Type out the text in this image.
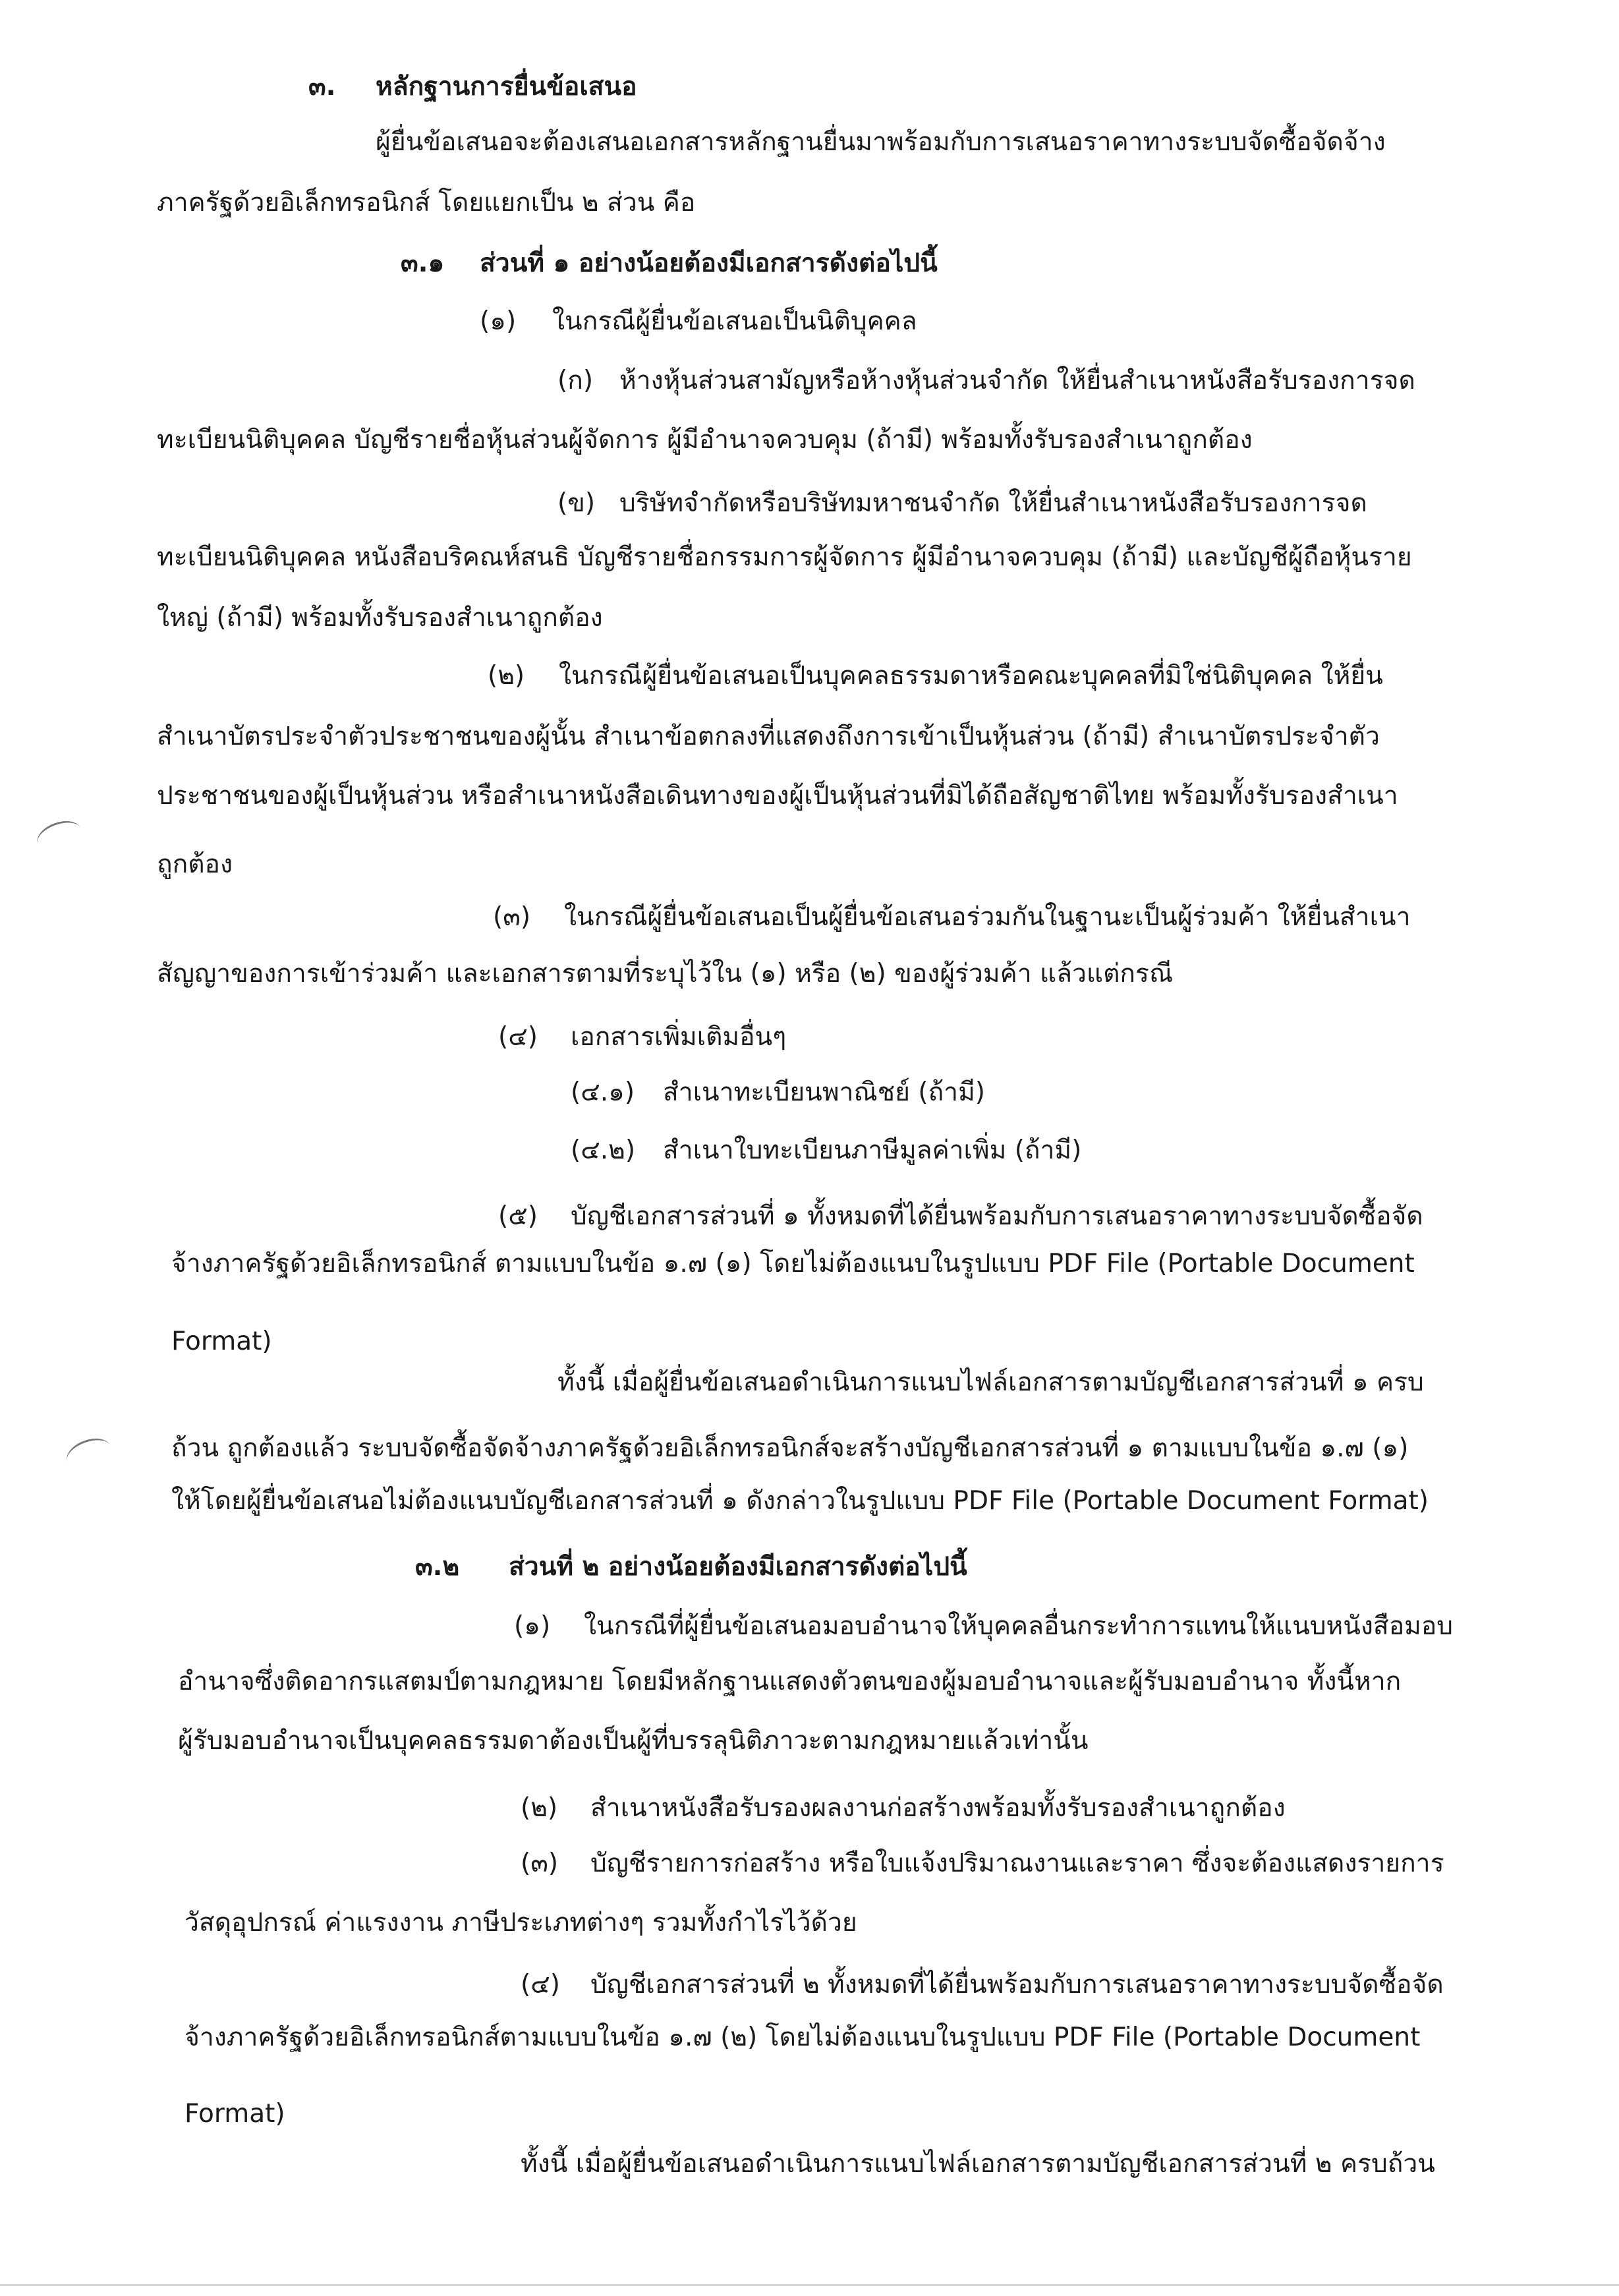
๓. หลักฐานการยื่นข้อเสนอ
ผู้ยื่นข้อเสนอจะต้องเสนอเอกสารหลักฐานยื่นมาพร้อมกับการเสนอราคาทางระบบจัดซื้อจัดจ้าง
ภาครัฐด้วยอิเล็กทรอนิกส์ โดยแยกเป็น ๒ ส่วน คือ
๓.๑ ส่วนที่ ๑ อย่างน้อยต้องมีเอกสารดังต่อไปนี้
(๑) ในกรณีผู้ยื่นข้อเสนอเป็นนิติบุคคล
(ก) ห้างหุ้นส่วนสามัญหรือห้างหุ้นส่วนจำกัด ให้ยื่นสำเนาหนังสือรับรองการจด
ทะเบียนนิติบุคคล บัญชีรายชื่อหุ้นส่วนผู้จัดการ ผู้มีอำนาจควบคุม (ถ้ามี) พร้อมทั้งรับรองสำเนาถูกต้อง
(ข) บริษัทจำกัดหรือบริษัทมหาชนจำกัด ให้ยื่นสำเนาหนังสือรับรองการจด
ทะเบียนนิติบุคคล หนังสือบริคณห์สนธิ บัญชีรายชื่อกรรมการผู้จัดการ ผู้มีอำนาจควบคุม (ถ้ามี) และบัญชีผู้ถือหุ้นราย
ใหญ่ (ถ้ามี) พร้อมทั้งรับรองสำเนาถูกต้อง
(๒) ในกรณีผู้ยื่นข้อเสนอเป็นบุคคลธรรมดาหรือคณะบุคคลที่มิใช่นิติบุคคล ให้ยื่น
สำเนาบัตรประจำตัวประชาชนของผู้นั้น สำเนาข้อตกลงที่แสดงถึงการเข้าเป็นหุ้นส่วน (ถ้ามี) สำเนาบัตรประจำตัว
ประชาชนของผู้เป็นหุ้นส่วน หรือสำเนาหนังสือเดินทางของผู้เป็นหุ้นส่วนที่มิได้ถือสัญชาติไทย พร้อมทั้งรับรองสำเนา
ถูกต้อง
(๓) ในกรณีผู้ยื่นข้อเสนอเป็นผู้ยื่นข้อเสนอร่วมกันในฐานะเป็นผู้ร่วมค้า ให้ยื่นสำเนา
สัญญาของการเข้าร่วมค้า และเอกสารตามที่ระบุไว้ใน (๑) หรือ (๒) ของผู้ร่วมค้า แล้วแต่กรณี
(๔) เอกสารเพิ่มเติมอื่นๆ
(๔.๑) สำเนาทะเบียนพาณิชย์ (ถ้ามี)
(๔.๒) สำเนาใบทะเบียนภาษีมูลค่าเพิ่ม (ถ้ามี)
(๕) บัญชีเอกสารส่วนที่ ๑ ทั้งหมดที่ได้ยื่นพร้อมกับการเสนอราคาทางระบบจัดซื้อจัด
จ้างภาครัฐด้วยอิเล็กทรอนิกส์ ตามแบบในข้อ ๑.๗ (๑) โดยไม่ต้องแนบในรูปแบบ PDF File (Portable Document
Format)
ทั้งนี้ เมื่อผู้ยื่นข้อเสนอดำเนินการแนบไฟล์เอกสารตามบัญชีเอกสารส่วนที่ ๑ ครบ
ถ้วน ถูกต้องแล้ว ระบบจัดซื้อจัดจ้างภาครัฐด้วยอิเล็กทรอนิกส์จะสร้างบัญชีเอกสารส่วนที่ ๑ ตามแบบในข้อ ๑.๗ (๑)
ให้โดยผู้ยื่นข้อเสนอไม่ต้องแนบบัญชีเอกสารส่วนที่ ๑ ดังกล่าวในรูปแบบ PDF File (Portable Document Format)
๓.๒ ส่วนที่ ๒ อย่างน้อยต้องมีเอกสารดังต่อไปนี้
(๑) ในกรณีที่ผู้ยื่นข้อเสนอมอบอำนาจให้บุคคลอื่นกระทำการแทนให้แนบหนังสือมอบ
อำนาจซึ่งติดอากรแสตมป์ตามกฎหมาย โดยมีหลักฐานแสดงตัวตนของผู้มอบอำนาจและผู้รับมอบอำนาจ ทั้งนี้หาก
ผู้รับมอบอำนาจเป็นบุคคลธรรมดาต้องเป็นผู้ที่บรรลุนิติภาวะตามกฎหมายแล้วเท่านั้น
(๒) สำเนาหนังสือรับรองผลงานก่อสร้างพร้อมทั้งรับรองสำเนาถูกต้อง
(๓) บัญชีรายการก่อสร้าง หรือใบแจ้งปริมาณงานและราคา ซึ่งจะต้องแสดงรายการ
วัสดุอุปกรณ์ ค่าแรงงาน ภาษีประเภทต่างๆ รวมทั้งกำไรไว้ด้วย
(๔) บัญชีเอกสารส่วนที่ ๒ ทั้งหมดที่ได้ยื่นพร้อมกับการเสนอราคาทางระบบจัดซื้อจัด
จ้างภาครัฐด้วยอิเล็กทรอนิกส์ตามแบบในข้อ ๑.๗ (๒) โดยไม่ต้องแนบในรูปแบบ PDF File (Portable Document
Format)
ทั้งนี้ เมื่อผู้ยื่นข้อเสนอดำเนินการแนบไฟล์เอกสารตามบัญชีเอกสารส่วนที่ ๒ ครบถ้วน
